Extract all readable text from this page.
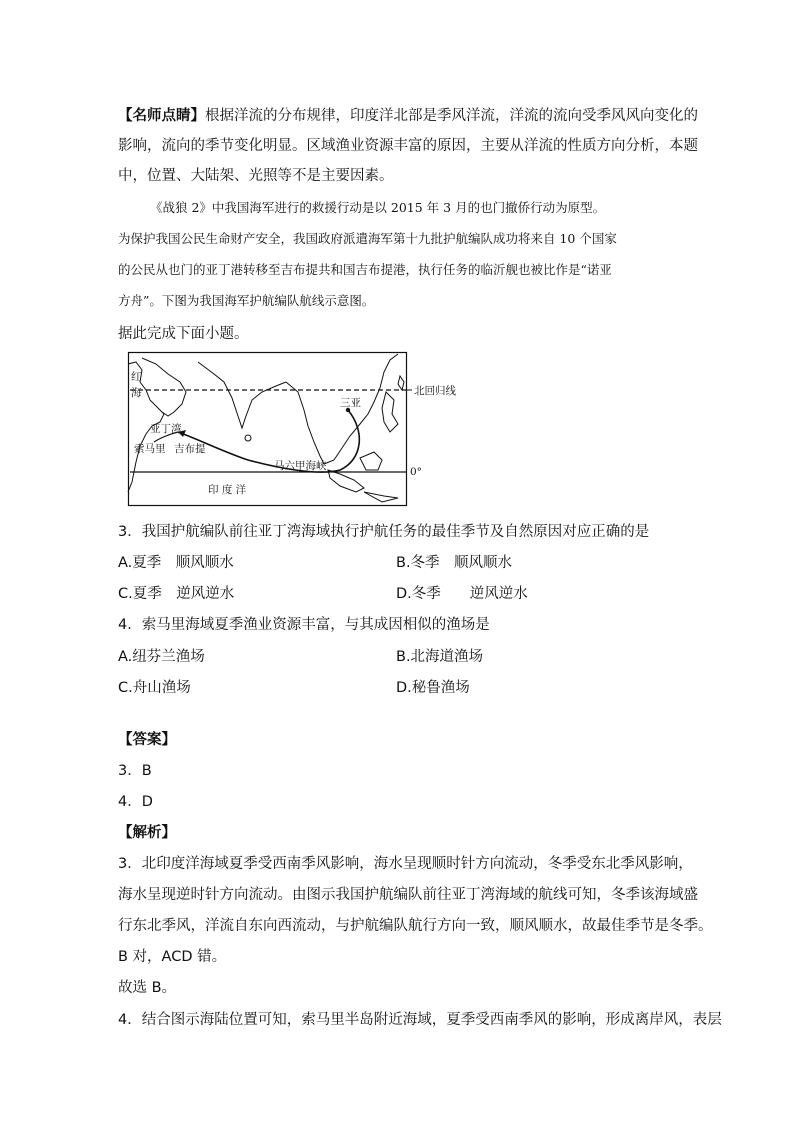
【名师点睛】根据洋流的分布规律，印度洋北部是季风洋流，洋流的流向受季风风向变化的
影响，流向的季节变化明显。区域渔业资源丰富的原因，主要从洋流的性质方向分析，本题
中，位置、大陆架、光照等不是主要因素。
《战狼 2》中我国海军进行的救援行动是以 2015 年 3 月的也门撤侨行动为原型。
为保护我国公民生命财产安全，我国政府派遣海军第十九批护航编队成功将来自 10 个国家
的公民从也门的亚丁港转移至吉布提共和国吉布提港，执行任务的临沂舰也被比作是“诺亚
方舟”。下图为我国海军护航编队航线示意图。
据此完成下面小题。
红
海
亚丁湾
索马里 吉布提
三亚
马六甲海峡
印 度 洋
北回归线
0°
3．我国护航编队前往亚丁湾海域执行护航任务的最佳季节及自然原因对应正确的是
A.夏季　顺风顺水	B.冬季　顺风顺水
C.夏季　逆风逆水	D.冬季　　逆风逆水
4．索马里海域夏季渔业资源丰富，与其成因相似的渔场是
A.纽芬兰渔场	B.北海道渔场
C.舟山渔场	D.秘鲁渔场
【答案】
3．B
4．D
【解析】
3．北印度洋海域夏季受西南季风影响，海水呈现顺时针方向流动，冬季受东北季风影响，
海水呈现逆时针方向流动。由图示我国护航编队前往亚丁湾海域的航线可知，冬季该海域盛
行东北季风，洋流自东向西流动，与护航编队航行方向一致，顺风顺水，故最佳季节是冬季。
B 对，ACD 错。
故选 B。
4．结合图示海陆位置可知，索马里半岛附近海域，夏季受西南季风的影响，形成离岸风，表层
